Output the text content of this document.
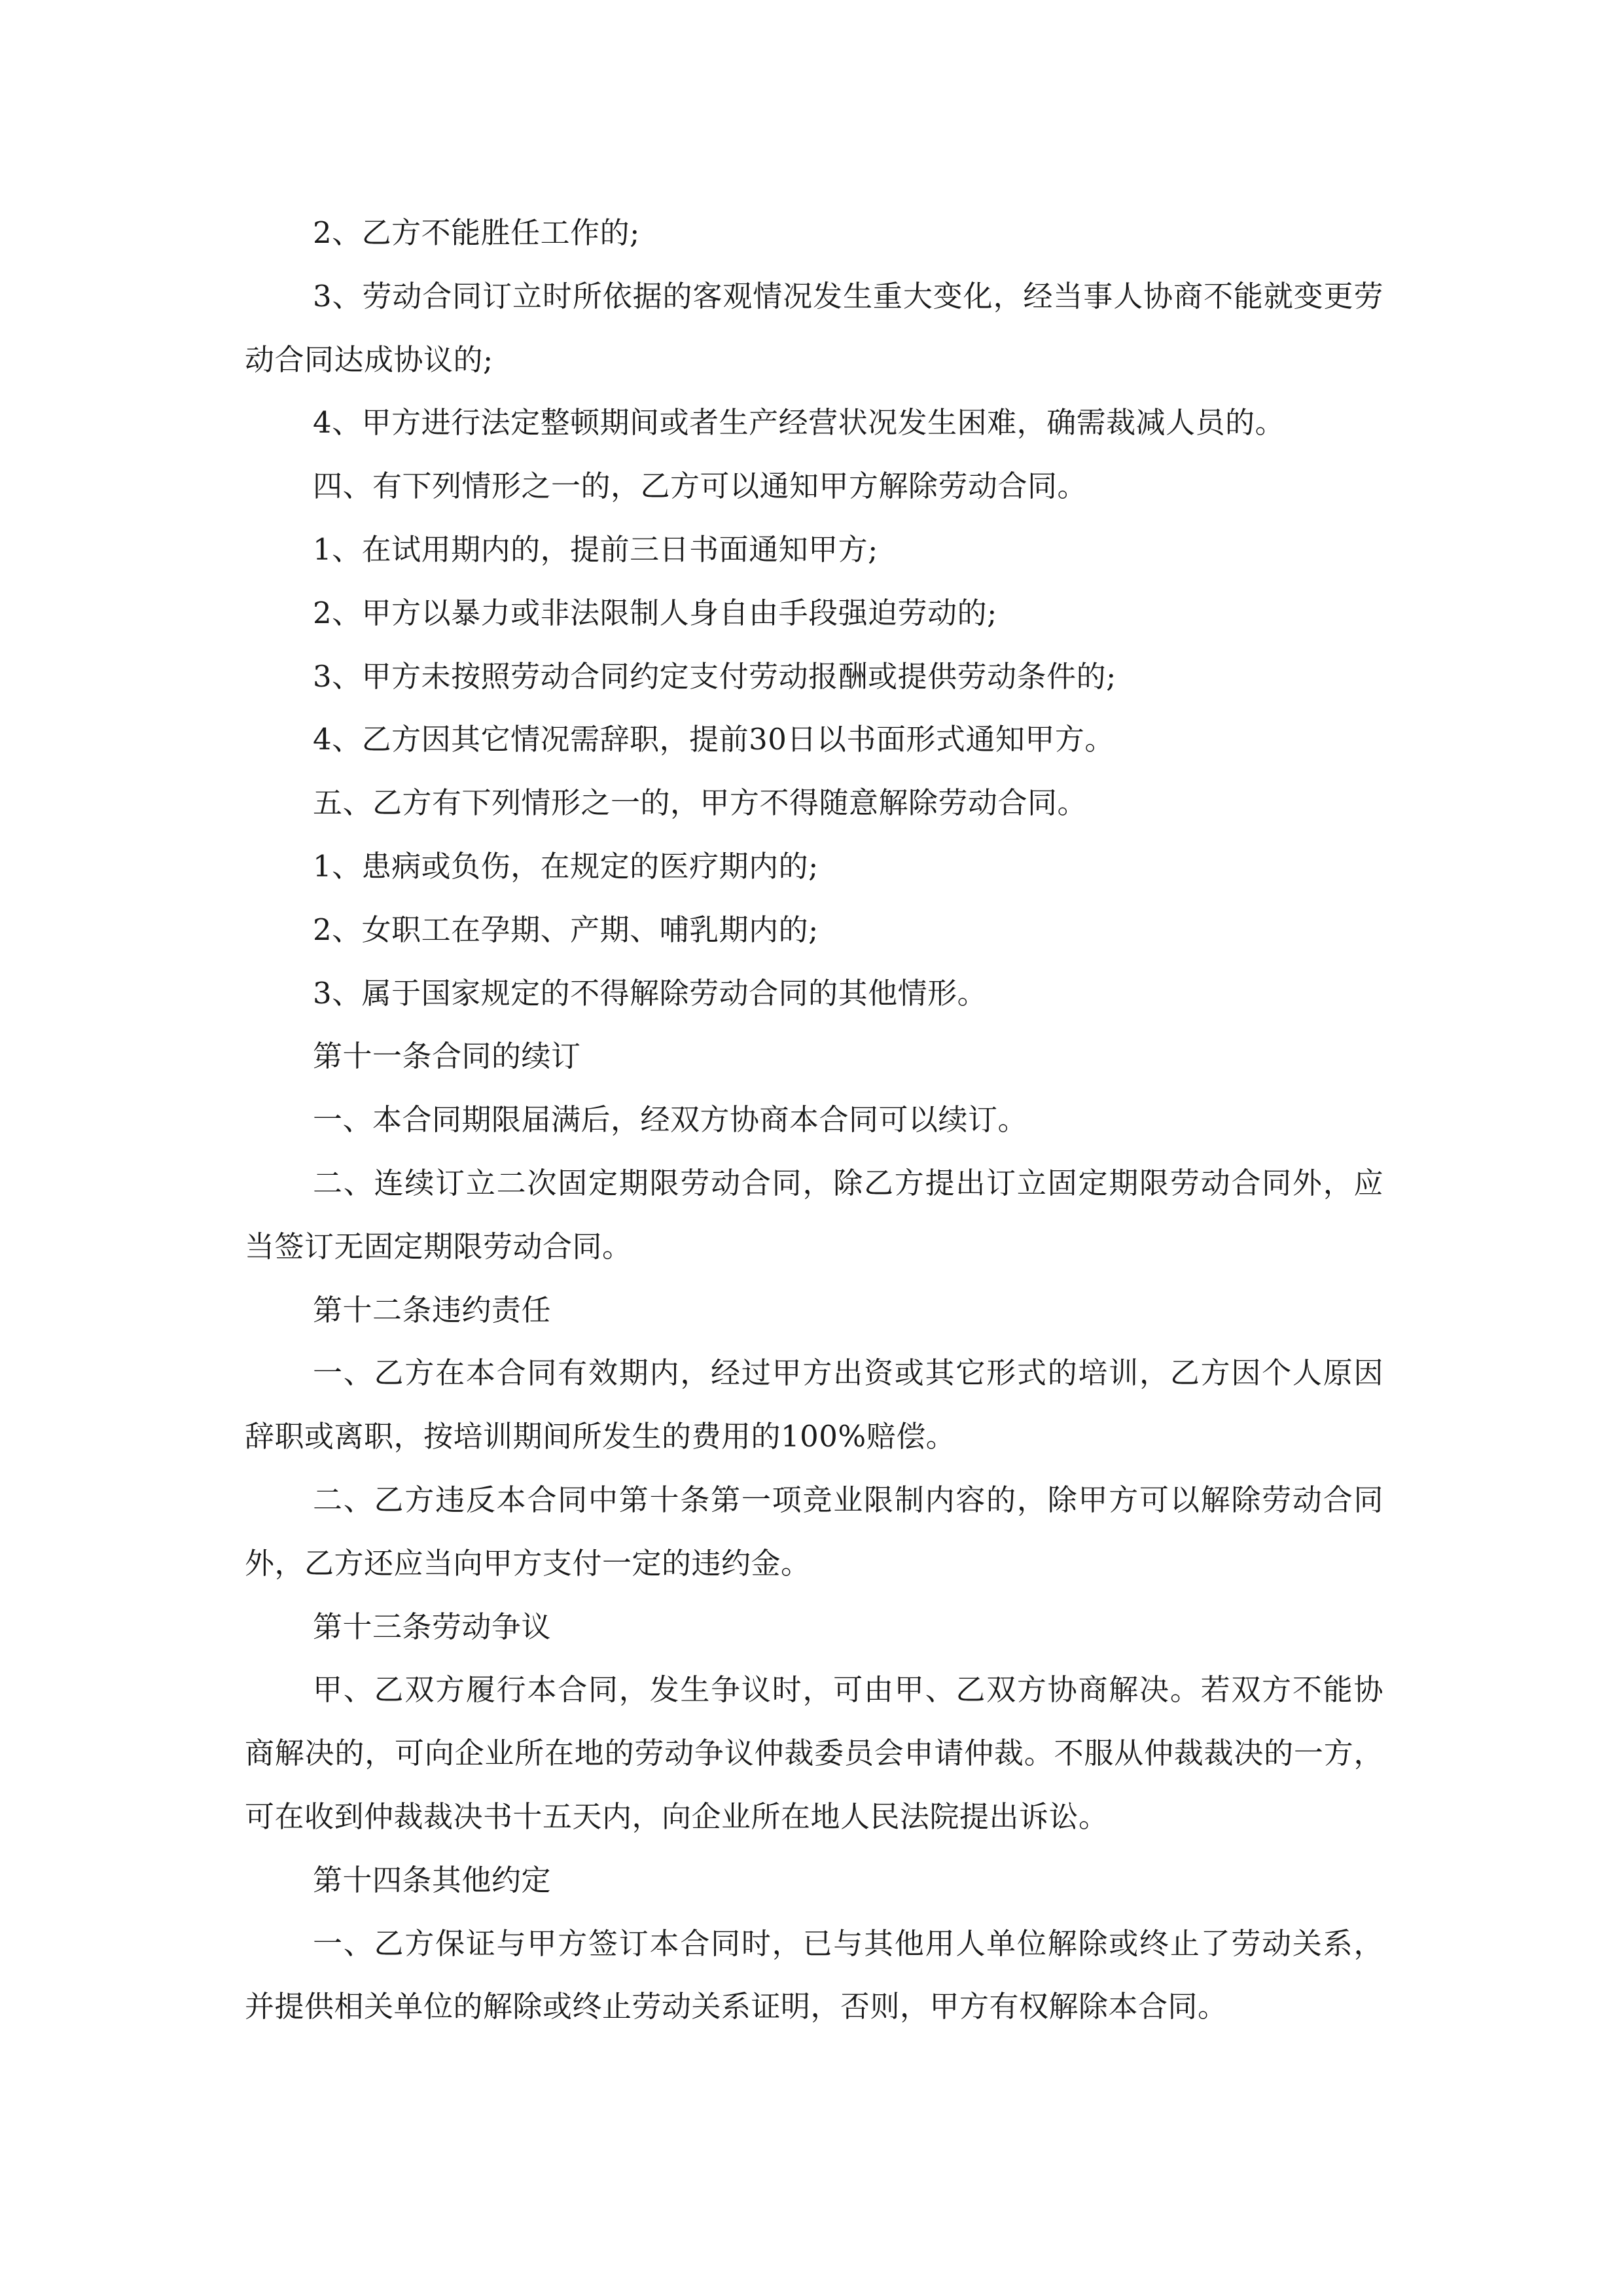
2、乙方不能胜任工作的;

3、劳动合同订立时所依据的客观情况发生重大变化，经当事人协商不能就变更劳动合同达成协议的;

4、甲方进行法定整顿期间或者生产经营状况发生困难，确需裁减人员的。

四、有下列情形之一的，乙方可以通知甲方解除劳动合同。

1、在试用期内的，提前三日书面通知甲方;

2、甲方以暴力或非法限制人身自由手段强迫劳动的;

3、甲方未按照劳动合同约定支付劳动报酬或提供劳动条件的;

4、乙方因其它情况需辞职，提前30日以书面形式通知甲方。

五、乙方有下列情形之一的，甲方不得随意解除劳动合同。

1、患病或负伤，在规定的医疗期内的;

2、女职工在孕期、产期、哺乳期内的;

3、属于国家规定的不得解除劳动合同的其他情形。

第十一条合同的续订

一、本合同期限届满后，经双方协商本合同可以续订。

二、连续订立二次固定期限劳动合同，除乙方提出订立固定期限劳动合同外，应当签订无固定期限劳动合同。

第十二条违约责任

一、乙方在本合同有效期内，经过甲方出资或其它形式的培训，乙方因个人原因辞职或离职，按培训期间所发生的费用的100%赔偿。

二、乙方违反本合同中第十条第一项竞业限制内容的，除甲方可以解除劳动合同外，乙方还应当向甲方支付一定的违约金。

第十三条劳动争议

甲、乙双方履行本合同，发生争议时，可由甲、乙双方协商解决。若双方不能协商解决的，可向企业所在地的劳动争议仲裁委员会申请仲裁。不服从仲裁裁决的一方，可在收到仲裁裁决书十五天内，向企业所在地人民法院提出诉讼。

第十四条其他约定

一、乙方保证与甲方签订本合同时，已与其他用人单位解除或终止了劳动关系，并提供相关单位的解除或终止劳动关系证明，否则，甲方有权解除本合同。
